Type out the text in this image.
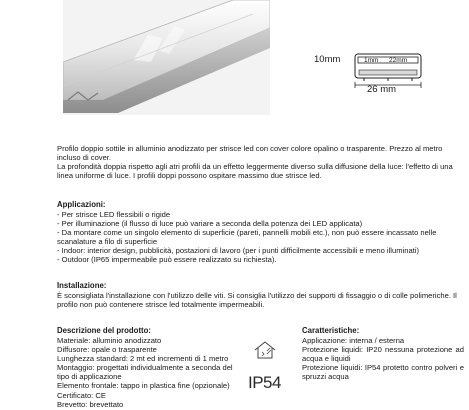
10mm	1mm 22mm
26 mm

Profilo doppio sottile in alluminio anodizzato per strisce led con cover colore opalino o trasparente. Prezzo al metro incluso di cover.

La profondità doppia rispetto agli atri profili da un effetto leggermente diverso sulla diffusione della luce: l'effetto di una linea uniforme di luce. I profili doppi possono ospitare massimo due strisce led.

Applicazioni:

- Per strisce LED flessibili o rigide
- Per illuminazione (il flusso di luce può variare a seconda della potenza dei LED applicata)
- Da montare come un singolo elemento di superficie (pareti, pannelli mobili etc.), non può essere incassato nelle scanalature a filo di superficie
- Indoor: interior design, pubblicità, postazioni di lavoro (per i punti difficilmente accessibili e meno illuminati)
- Outdoor (IP65 impermeabile può essere realizzato su richiesta).

Installazione:

È sconsigliata l'installazione con l'utilizzo delle viti. Si consiglia l'utilizzo dei supporti di fissaggio o di colle polimeriche. Il profilo non può contenere strisce led totalmente impermeabili.

Descrizione del prodotto:

Materiale: alluminio anodizzato
Diffusore: opale o trasparente
Lunghezza standard: 2 mt ed incrementi di 1 metro
Montaggio: progettati individualmente a seconda del tipo di applicazione
Elemento frontale: tappo in plastica fine (opzionale)
Certificato: CE
Brevetto: brevettato
IP54

Caratteristiche:

Applicazione: interna / esterna
Protezione liquidi: IP20 nessuna protezione ad acqua e liquidi
Protezione liquidi: IP54 protetto contro polveri e spruzzi acqua
